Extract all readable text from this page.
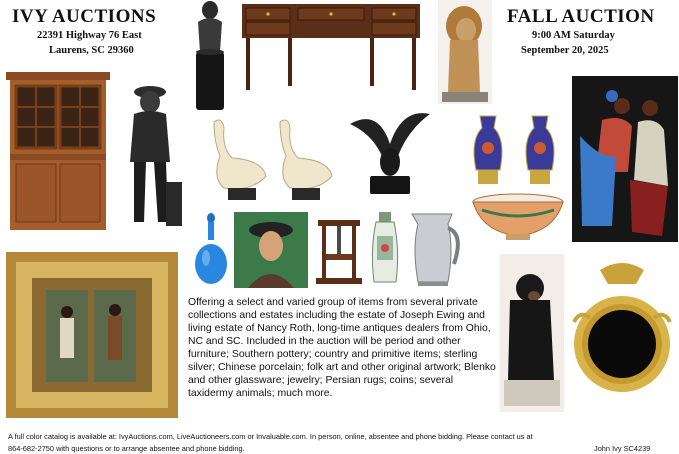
IVY AUCTIONS
22391 Highway 76 East
Laurens, SC 29360
FALL AUCTION
9:00 AM Saturday
September 20, 2025
Offering a select and varied group of items from several private collections and estates including the estate of Joseph Ewing and living estate of Nancy Roth, long-time antiques dealers from Ohio, NC and SC. Included in the auction will be period and other furniture; Southern pottery; country and primitive items; sterling silver; Chinese porcelain; folk art and other original artwork; Blenko and other glassware; jewelry; Persian rugs; coins; several taxidermy animals; much more.
A full color catalog is available at: IvyAuctions.com, LiveAuctioneers.com or Invaluable.com. In person, online, absentee and phone bidding. Please contact us at
864-682-2750 with questions or to arrange absentee and phone bidding.	John Ivy SC4239
